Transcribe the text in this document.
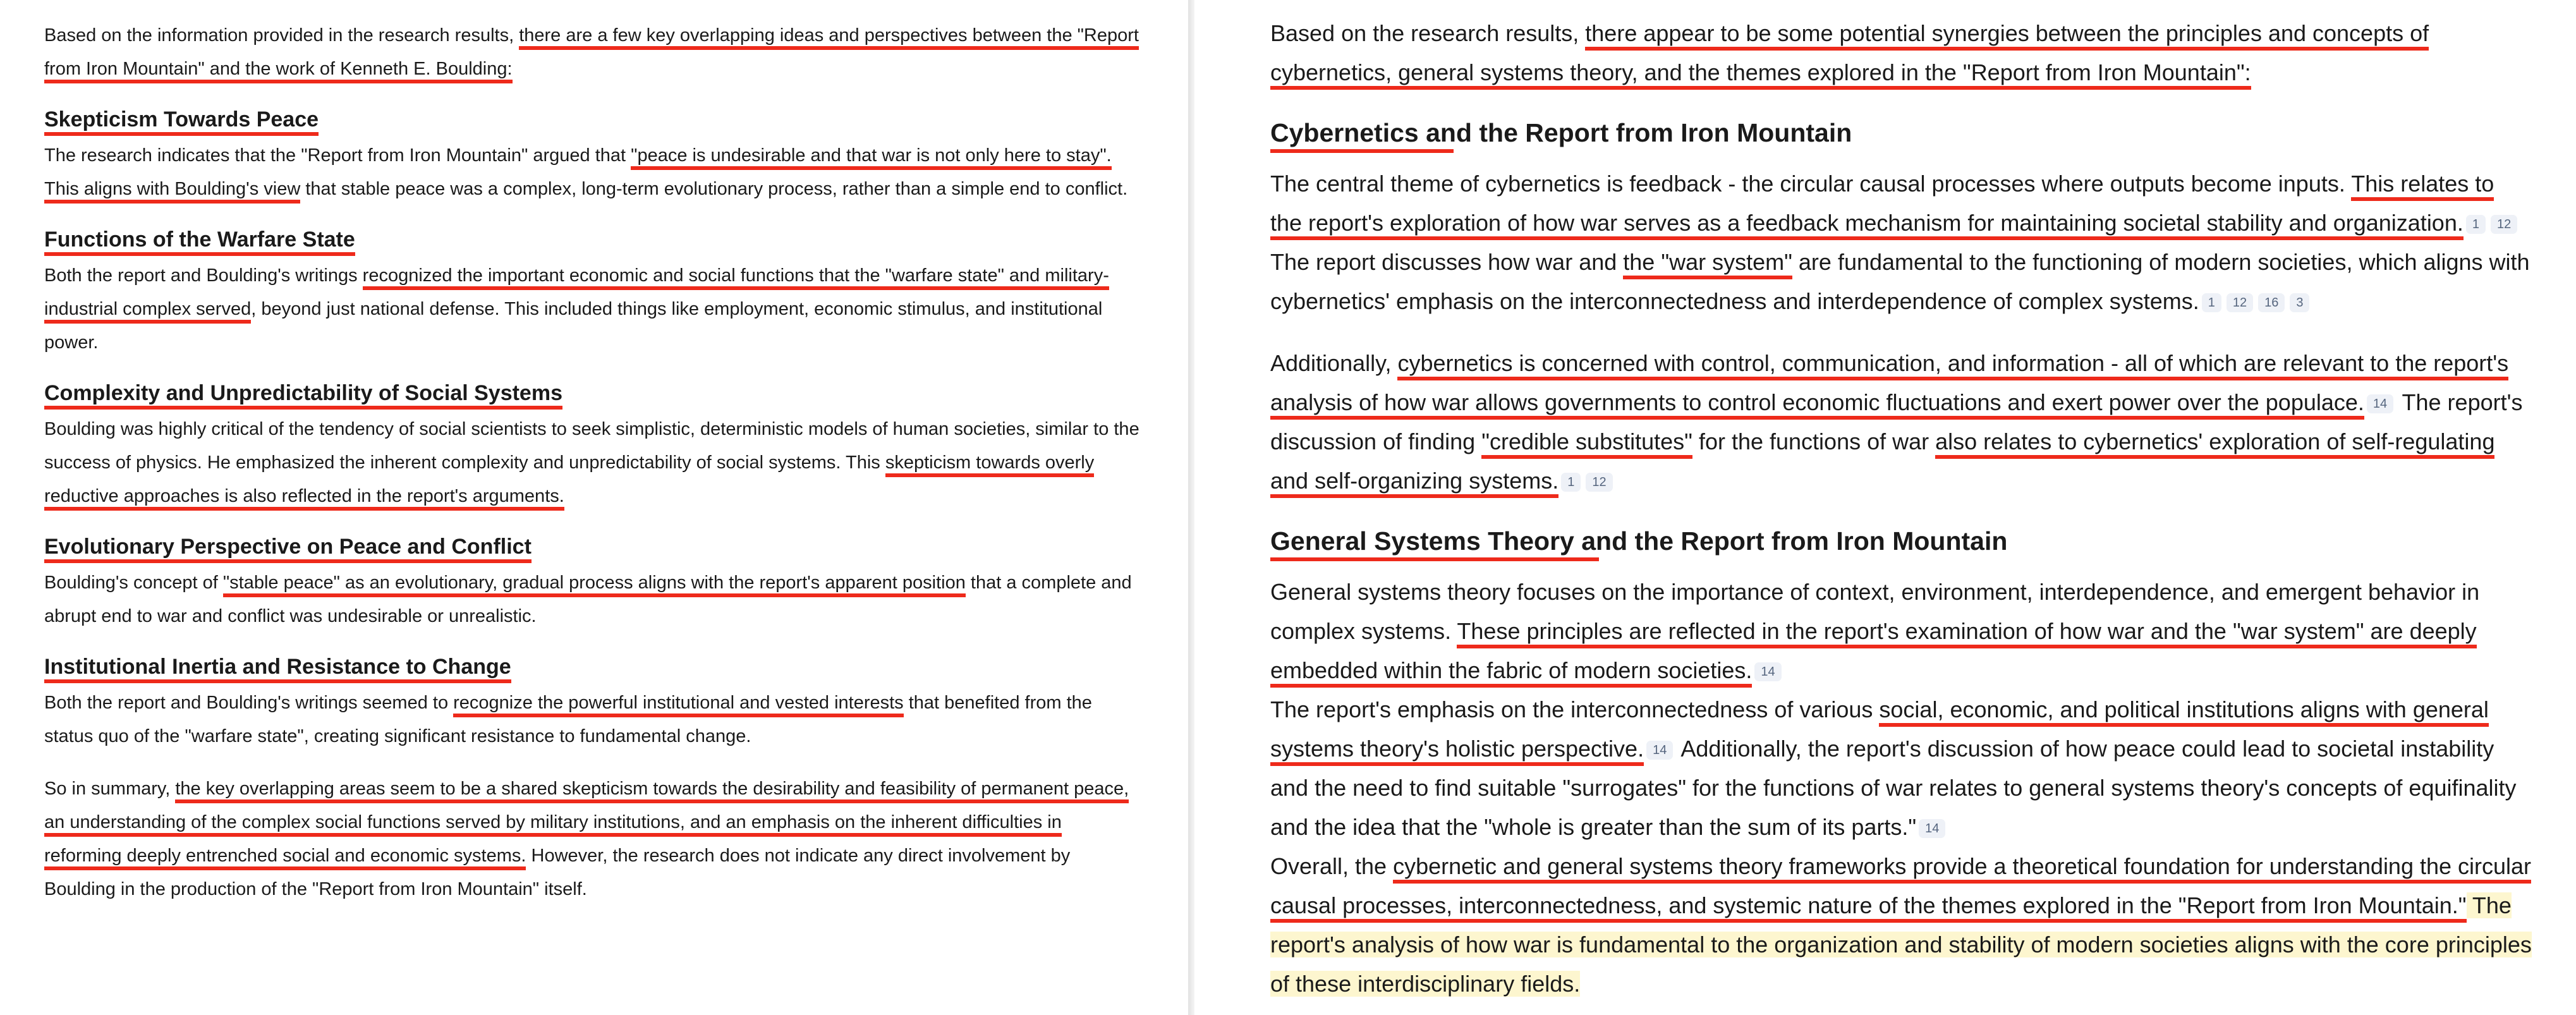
Based on the information provided in the research results, there are a few key overlapping ideas and perspectives between the "Report from Iron Mountain" and the work of Kenneth E. Boulding:

Skepticism Towards Peace

The research indicates that the "Report from Iron Mountain" argued that "peace is undesirable and that war is not only here to stay". This aligns with Boulding's view that stable peace was a complex, long-term evolutionary process, rather than a simple end to conflict.

Functions of the Warfare State

Both the report and Boulding's writings recognized the important economic and social functions that the "warfare state" and military-industrial complex served, beyond just national defense. This included things like employment, economic stimulus, and institutional power.

Complexity and Unpredictability of Social Systems

Boulding was highly critical of the tendency of social scientists to seek simplistic, deterministic models of human societies, similar to the success of physics. He emphasized the inherent complexity and unpredictability of social systems. This skepticism towards overly reductive approaches is also reflected in the report's arguments.

Evolutionary Perspective on Peace and Conflict

Boulding's concept of "stable peace" as an evolutionary, gradual process aligns with the report's apparent position that a complete and abrupt end to war and conflict was undesirable or unrealistic.

Institutional Inertia and Resistance to Change

Both the report and Boulding's writings seemed to recognize the powerful institutional and vested interests that benefited from the status quo of the "warfare state", creating significant resistance to fundamental change.

So in summary, the key overlapping areas seem to be a shared skepticism towards the desirability and feasibility of permanent peace, an understanding of the complex social functions served by military institutions, and an emphasis on the inherent difficulties in reforming deeply entrenched social and economic systems. However, the research does not indicate any direct involvement by Boulding in the production of the "Report from Iron Mountain" itself.

Based on the research results, there appear to be some potential synergies between the principles and concepts of cybernetics, general systems theory, and the themes explored in the "Report from Iron Mountain":

Cybernetics and the Report from Iron Mountain

The central theme of cybernetics is feedback - the circular causal processes where outputs become inputs. This relates to the report's exploration of how war serves as a feedback mechanism for maintaining societal stability and organization. 1 12 The report discusses how war and the "war system" are fundamental to the functioning of modern societies, which aligns with cybernetics' emphasis on the interconnectedness and interdependence of complex systems. 1 12 16 3

Additionally, cybernetics is concerned with control, communication, and information - all of which are relevant to the report's analysis of how war allows governments to control economic fluctuations and exert power over the populace. 14 The report's discussion of finding "credible substitutes" for the functions of war also relates to cybernetics' exploration of self-regulating and self-organizing systems. 1 12

General Systems Theory and the Report from Iron Mountain

General systems theory focuses on the importance of context, environment, interdependence, and emergent behavior in complex systems. These principles are reflected in the report's examination of how war and the "war system" are deeply embedded within the fabric of modern societies. 14

The report's emphasis on the interconnectedness of various social, economic, and political institutions aligns with general systems theory's holistic perspective. 14 Additionally, the report's discussion of how peace could lead to societal instability and the need to find suitable "surrogates" for the functions of war relates to general systems theory's concepts of equifinality and the idea that the "whole is greater than the sum of its parts." 14

Overall, the cybernetic and general systems theory frameworks provide a theoretical foundation for understanding the circular causal processes, interconnectedness, and systemic nature of the themes explored in the "Report from Iron Mountain." The report's analysis of how war is fundamental to the organization and stability of modern societies aligns with the core principles of these interdisciplinary fields.
